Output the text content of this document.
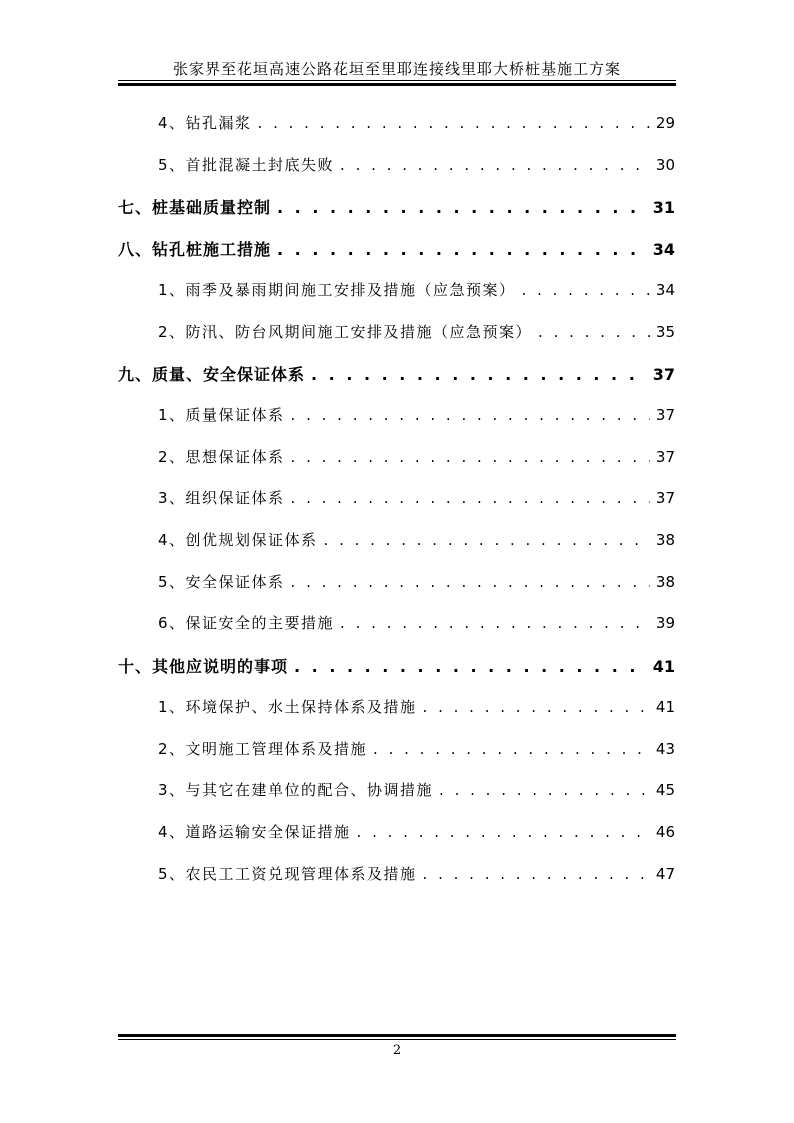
张家界至花垣高速公路花垣至里耶连接线里耶大桥桩基施工方案
4、钻孔漏浆 . . .	29
5、首批混凝土封底失败 . . .	30
七、桩基础质量控制 . . .	31
八、钻孔桩施工措施 . . .	34
1、雨季及暴雨期间施工安排及措施（应急预案） . . .	34
2、防汛、防台风期间施工安排及措施（应急预案） . . .	35
九、质量、安全保证体系 . . .	37
1、质量保证体系 . . .	37
2、思想保证体系 . . .	37
3、组织保证体系 . . .	37
4、创优规划保证体系 . . .	38
5、安全保证体系 . . .	38
6、保证安全的主要措施 . . .	39
十、其他应说明的事项 . . .	41
1、环境保护、水土保持体系及措施 . . .	41
2、文明施工管理体系及措施 . . .	43
3、与其它在建单位的配合、协调措施 . . .	45
4、道路运输安全保证措施 . . .	46
5、农民工工资兑现管理体系及措施 . . .	47
2
